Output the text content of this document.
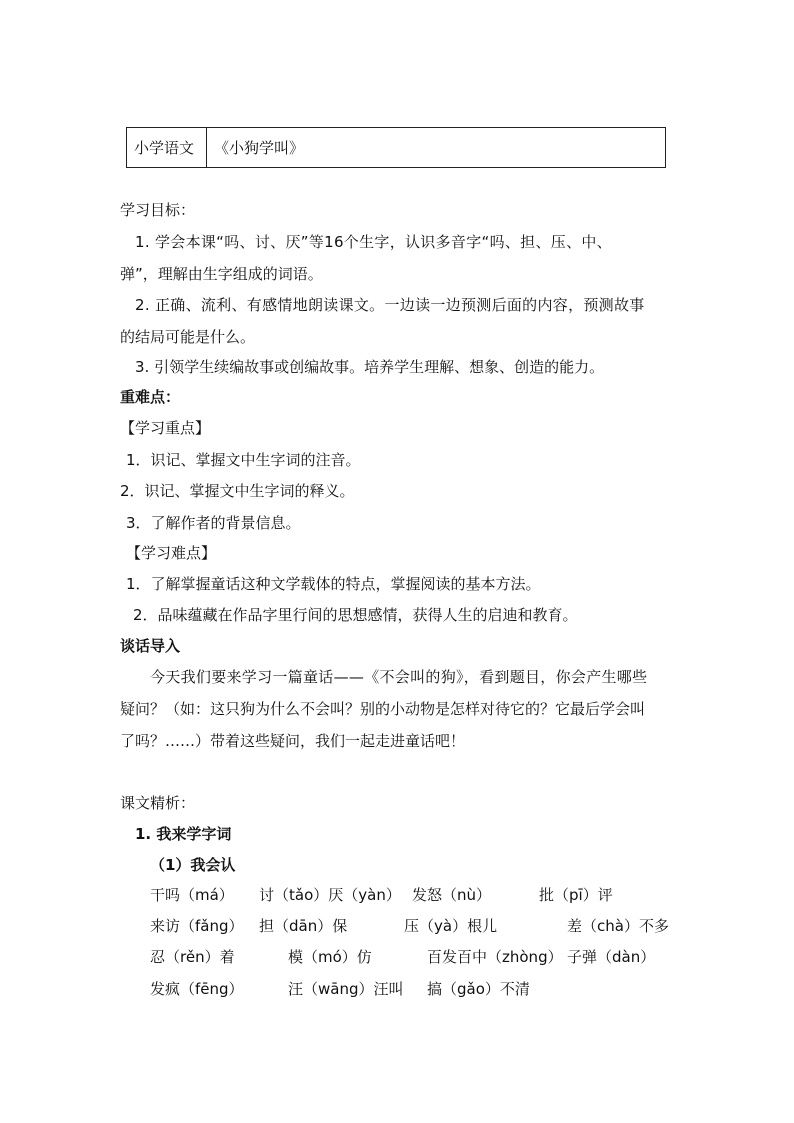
小学语文	《小狗学叫》
学习目标：
1. 学会本课“吗、讨、厌”等16个生字，认识多音字“吗、担、压、中、
弹”，理解由生字组成的词语。
2. 正确、流利、有感情地朗读课文。一边读一边预测后面的内容，预测故事
的结局可能是什么。
3. 引领学生续编故事或创编故事。培养学生理解、想象、创造的能力。
重难点：
【学习重点】
1．识记、掌握文中生字词的注音。
2．识记、掌握文中生字词的释义。
3．了解作者的背景信息。
【学习难点】
1．了解掌握童话这种文学载体的特点，掌握阅读的基本方法。
2．品味蕴藏在作品字里行间的思想感情，获得人生的启迪和教育。
谈话导入
今天我们要来学习一篇童话——《不会叫的狗》，看到题目，你会产生哪些
疑问？（如：这只狗为什么不会叫？别的小动物是怎样对待它的？它最后学会叫
了吗？……）带着这些疑问，我们一起走进童话吧！
课文精析：
1. 我来学字词
（1）我会认
干吗（má） 讨（tǎo）厌（yàn） 发怒（nù）	批（pī）评
来访（fǎng） 担（dān）保	压（yà）根儿	差（chà）不多
忍（rěn）着	模（mó）仿	百发百中（zhòng） 子弹（dàn）
发疯（fēng）	汪（wāng）汪叫 搞（gǎo）不清
